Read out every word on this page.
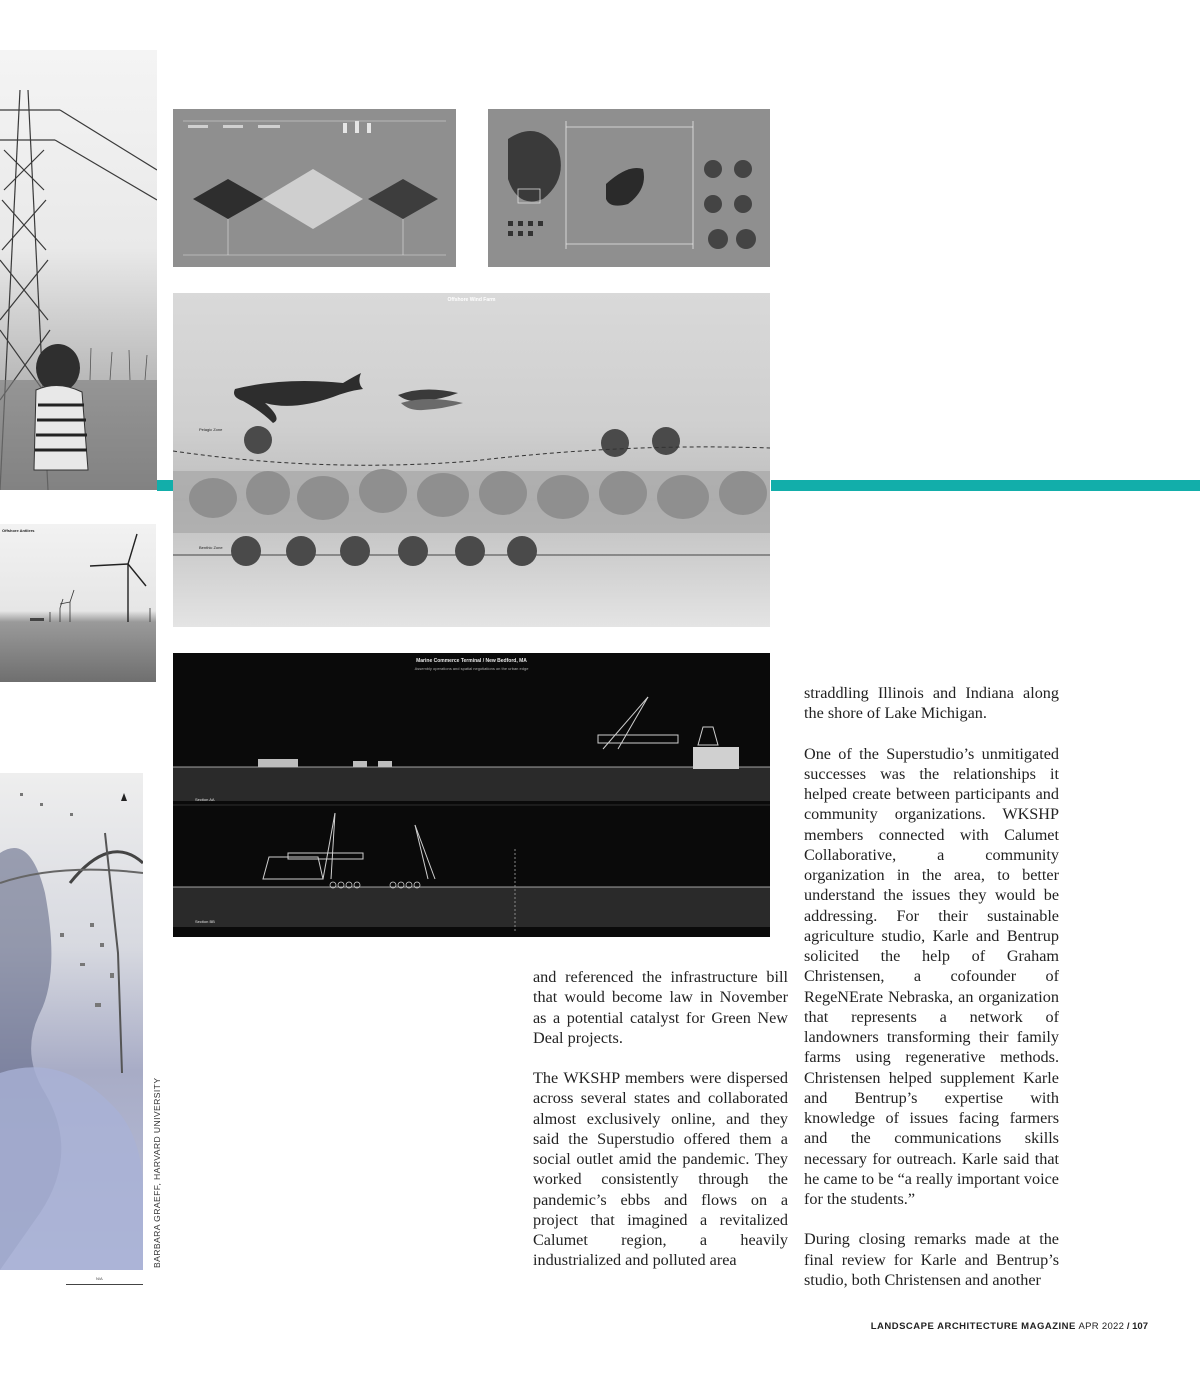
Offshore Antliers
N/A
Offshore Wind Farm
Pelagic Zone
Benthic Zone
Marine Commerce Terminal / New Bedford, MA
Assembly operations and spatial negotiations on the urban edge
Section AA
Section BB

and referenced the infrastructure bill that would become law in November as a potential catalyst for Green New Deal projects.

The WKSHP members were dispersed across several states and collaborated almost exclusively online, and they said the Superstudio offered them a social outlet amid the pandemic. They worked consistently through the pandemic’s ebbs and flows on a project that imagined a revitalized Calumet region, a heavily industrialized and polluted area

straddling Illinois and Indiana along the shore of Lake Michigan.

One of the Superstudio’s unmitigated successes was the relationships it helped create between participants and community organizations. WKSHP members connected with Calumet Collaborative, a community organization in the area, to better understand the issues they would be addressing. For their sustainable agriculture studio, Karle and Bentrup solicited the help of Graham Christensen, a cofounder of RegeNErate Nebraska, an organization that represents a network of landowners transforming their family farms using regenerative methods. Christensen helped supplement Karle and Bentrup’s expertise with knowledge of issues facing farmers and the communications skills necessary for outreach. Karle said that he came to be “a really important voice for the students.”

During closing remarks made at the final review for Karle and Bentrup’s studio, both Christensen and another

BARBARA GRAEFF, HARVARD UNIVERSITY
LANDSCAPE ARCHITECTURE MAGAZINE APR 2022 / 107
